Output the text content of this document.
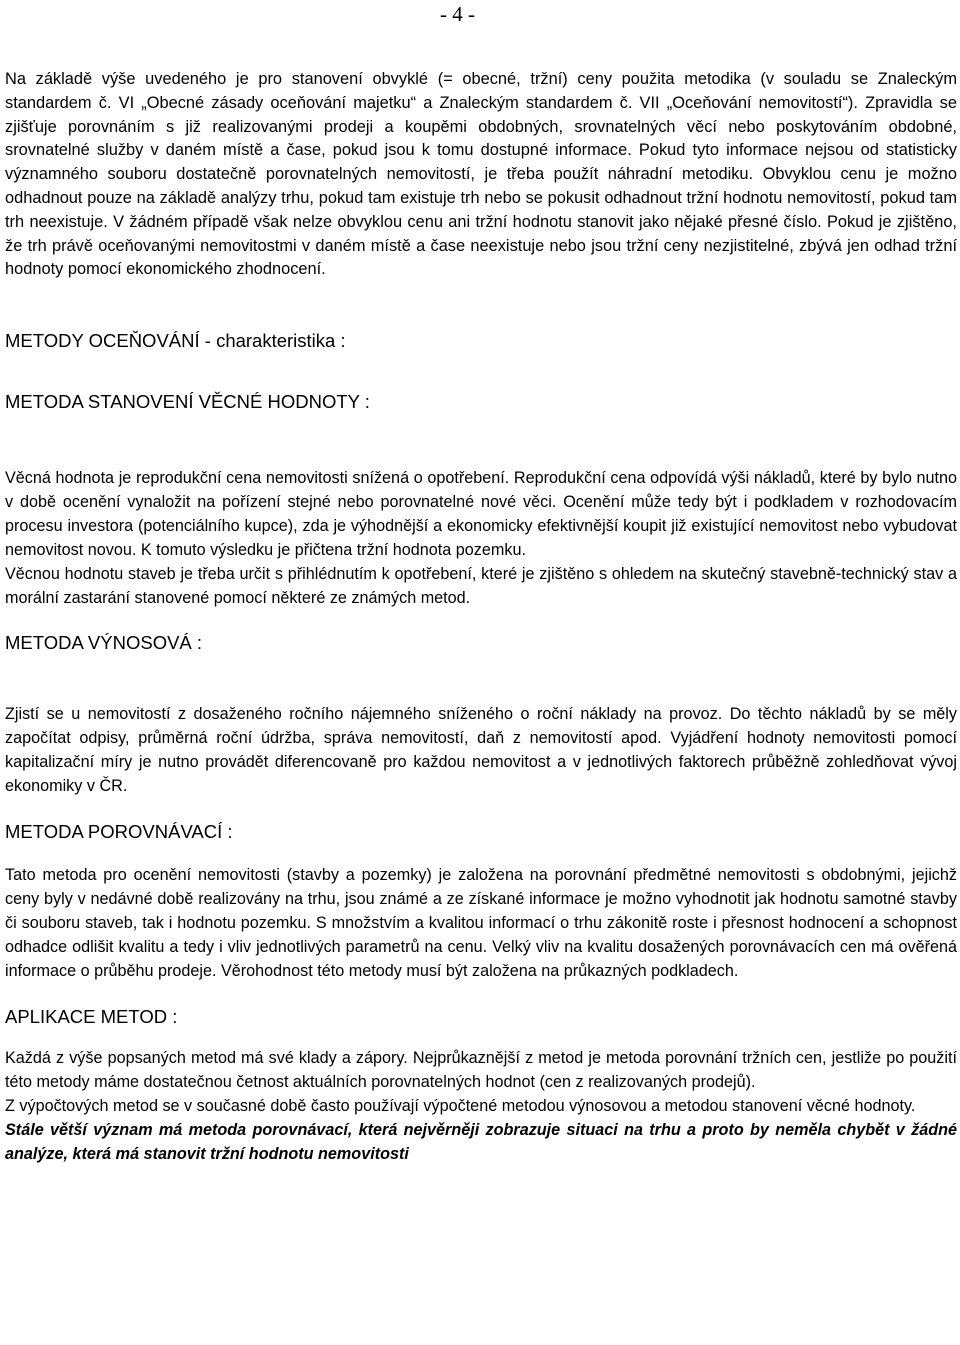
- 4 -

Na základě výše uvedeného je pro stanovení obvyklé (= obecné, tržní) ceny použita metodika (v souladu se Znaleckým standardem č. VI „Obecné zásady oceňování majetku“ a Znaleckým standardem č. VII „Oceňování nemovitostí“). Zpravidla se zjišťuje porovnáním s již realizovanými prodeji a koupěmi obdobných, srovnatelných věcí nebo poskytováním obdobné, srovnatelné služby v daném místě a čase, pokud jsou k tomu dostupné informace. Pokud tyto informace nejsou od statisticky významného souboru dostatečně porovnatelných nemovitostí, je třeba použít náhradní metodiku. Obvyklou cenu je možno odhadnout pouze na základě analýzy trhu, pokud tam existuje trh nebo se pokusit odhadnout tržní hodnotu nemovitostí, pokud tam trh neexistuje. V žádném případě však nelze obvyklou cenu ani tržní hodnotu stanovit jako nějaké přesné číslo. Pokud je zjištěno, že trh právě oceňovanými nemovitostmi v daném místě a čase neexistuje nebo jsou tržní ceny nezjistitelné, zbývá jen odhad tržní hodnoty pomocí ekonomického zhodnocení.

METODY OCEŇOVÁNÍ - charakteristika :
METODA STANOVENÍ VĚCNÉ HODNOTY :

Věcná hodnota je reprodukční cena nemovitosti snížená o opotřebení. Reprodukční cena odpovídá výši nákladů, které by bylo nutno v době ocenění vynaložit na pořízení stejné nebo porovnatelné nové věci. Ocenění může tedy být i podkladem v rozhodovacím procesu investora (potenciálního kupce), zda je výhodnější a ekonomicky efektivnější koupit již existující nemovitost nebo vybudovat nemovitost novou. K tomuto výsledku je přičtena tržní hodnota pozemku.

Věcnou hodnotu staveb je třeba určit s přihlédnutím k opotřebení, které je zjištěno s ohledem na skutečný stavebně-technický stav a morální zastarání stanovené pomocí některé ze známých metod.

METODA VÝNOSOVÁ :

Zjistí se u nemovitostí z dosaženého ročního nájemného sníženého o roční náklady na provoz. Do těchto nákladů by se měly započítat odpisy, průměrná roční údržba, správa nemovitostí, daň z nemovitostí apod. Vyjádření hodnoty nemovitosti pomocí kapitalizační míry je nutno provádět diferencovaně pro každou nemovitost a v jednotlivých faktorech průběžně zohledňovat vývoj ekonomiky v ČR.

METODA POROVNÁVACÍ :

Tato metoda pro ocenění nemovitosti (stavby a pozemky) je založena na porovnání předmětné nemovitosti s obdobnými, jejichž ceny byly v nedávné době realizovány na trhu, jsou známé a ze získané informace je možno vyhodnotit jak hodnotu samotné stavby či souboru staveb, tak i hodnotu pozemku. S množstvím a kvalitou informací o trhu zákonitě roste i přesnost hodnocení a schopnost odhadce odlišit kvalitu a tedy i vliv jednotlivých parametrů na cenu. Velký vliv na kvalitu dosažených porovnávacích cen má ověřená informace o průběhu prodeje. Věrohodnost této metody musí být založena na průkazných podkladech.

APLIKACE METOD :

Každá z výše popsaných metod má své klady a zápory. Nejprůkaznější z metod je metoda porovnání tržních cen, jestliže po použití této metody máme dostatečnou četnost aktuálních porovnatelných hodnot (cen z realizovaných prodejů).

Z výpočtových metod se v současné době často používají výpočtené metodou výnosovou a metodou stanovení věcné hodnoty.

Stále větší význam má metoda porovnávací, která nejvěrněji zobrazuje situaci na trhu a proto by neměla chybět v žádné analýze, která má stanovit tržní hodnotu nemovitosti
